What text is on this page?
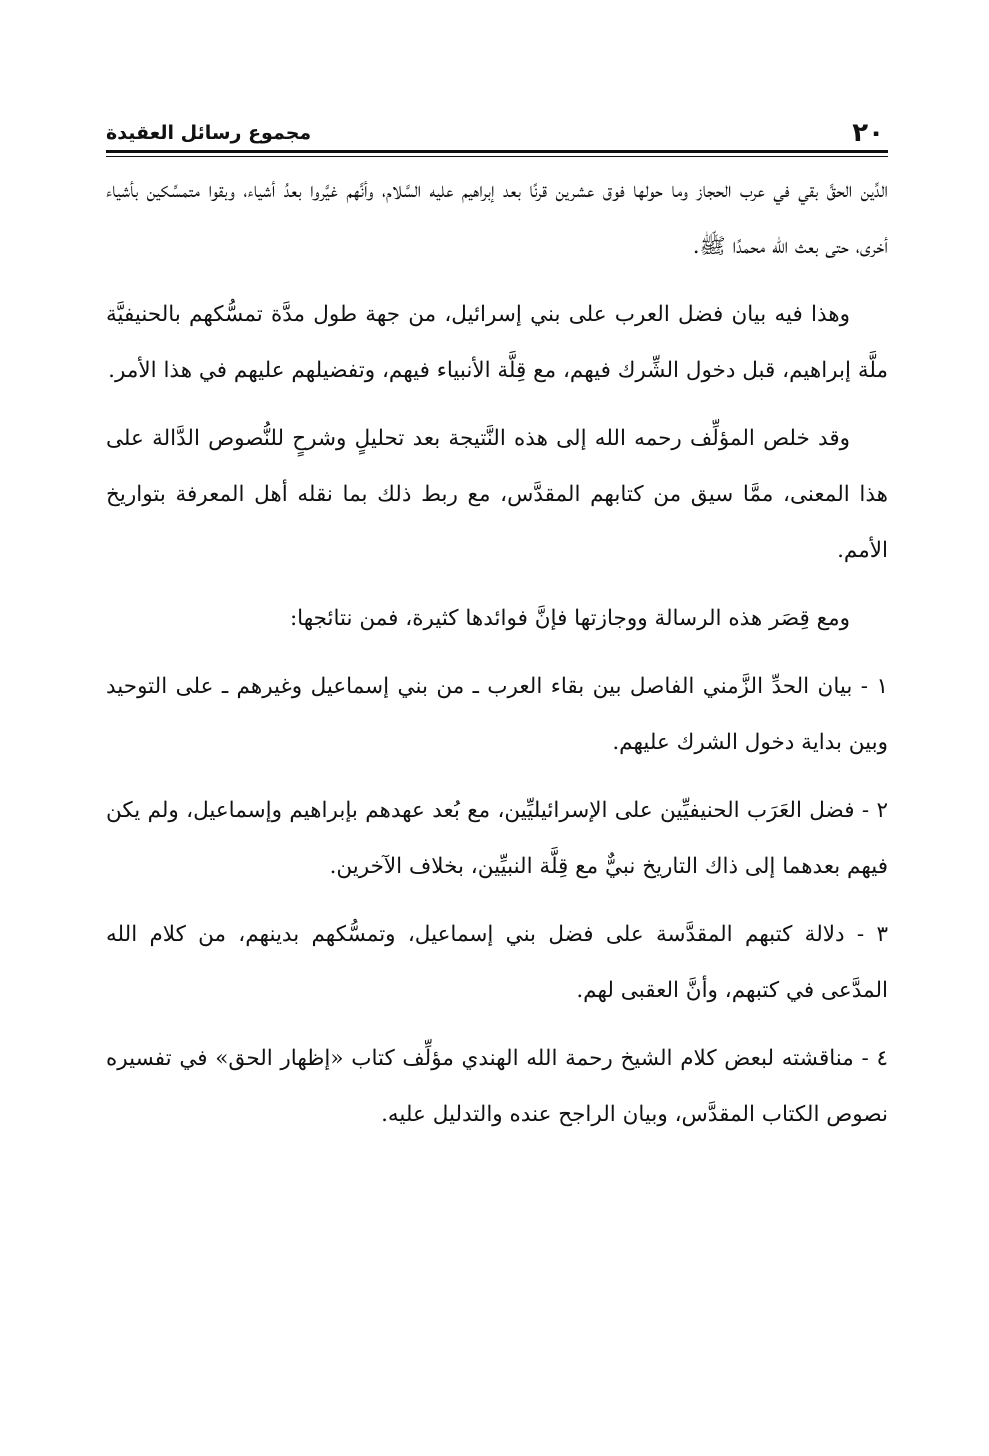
٢٠
مجموع رسائل العقيدة

الدِّين الحقَّ بقي في عرب الحجاز وما حولها فوق عشرين قرنًا بعد إبراهيم عليه السَّلام، وأنَّهم غيَّروا بعدُ أشياء، وبقوا متمسِّكين بأشياء أخرى، حتى بعث الله محمدًا ﷺ.

وهذا فيه بيان فضل العرب على بني إسرائيل، من جهة طول مدَّة تمسُّكهم بالحنيفيَّة ملَّة إبراهيم، قبل دخول الشِّرك فيهم، مع قِلَّة الأنبياء فيهم، وتفضيلهم عليهم في هذا الأمر.

وقد خلص المؤلِّف رحمه الله إلى هذه النَّتيجة بعد تحليلٍ وشرحٍ للنُّصوص الدَّالة على هذا المعنى، ممَّا سيق من كتابهم المقدَّس، مع ربط ذلك بما نقله أهل المعرفة بتواريخ الأمم.

ومع قِصَر هذه الرسالة ووجازتها فإنَّ فوائدها كثيرة، فمن نتائجها:

١ - بيان الحدِّ الزَّمني الفاصل بين بقاء العرب ـ من بني إسماعيل وغيرهم ـ على التوحيد وبين بداية دخول الشرك عليهم.

٢ - فضل العَرَب الحنيفيِّين على الإسرائيليِّين، مع بُعد عهدهم بإبراهيم وإسماعيل، ولم يكن فيهم بعدهما إلى ذاك التاريخ نبيٌّ مع قِلَّة النبيِّين، بخلاف الآخرين.

٣ - دلالة كتبهم المقدَّسة على فضل بني إسماعيل، وتمسُّكهم بدينهم، من كلام الله المدَّعى في كتبهم، وأنَّ العقبى لهم.

٤ - مناقشته لبعض كلام الشيخ رحمة الله الهندي مؤلِّف كتاب «إظهار الحق» في تفسيره نصوص الكتاب المقدَّس، وبيان الراجح عنده والتدليل عليه.
